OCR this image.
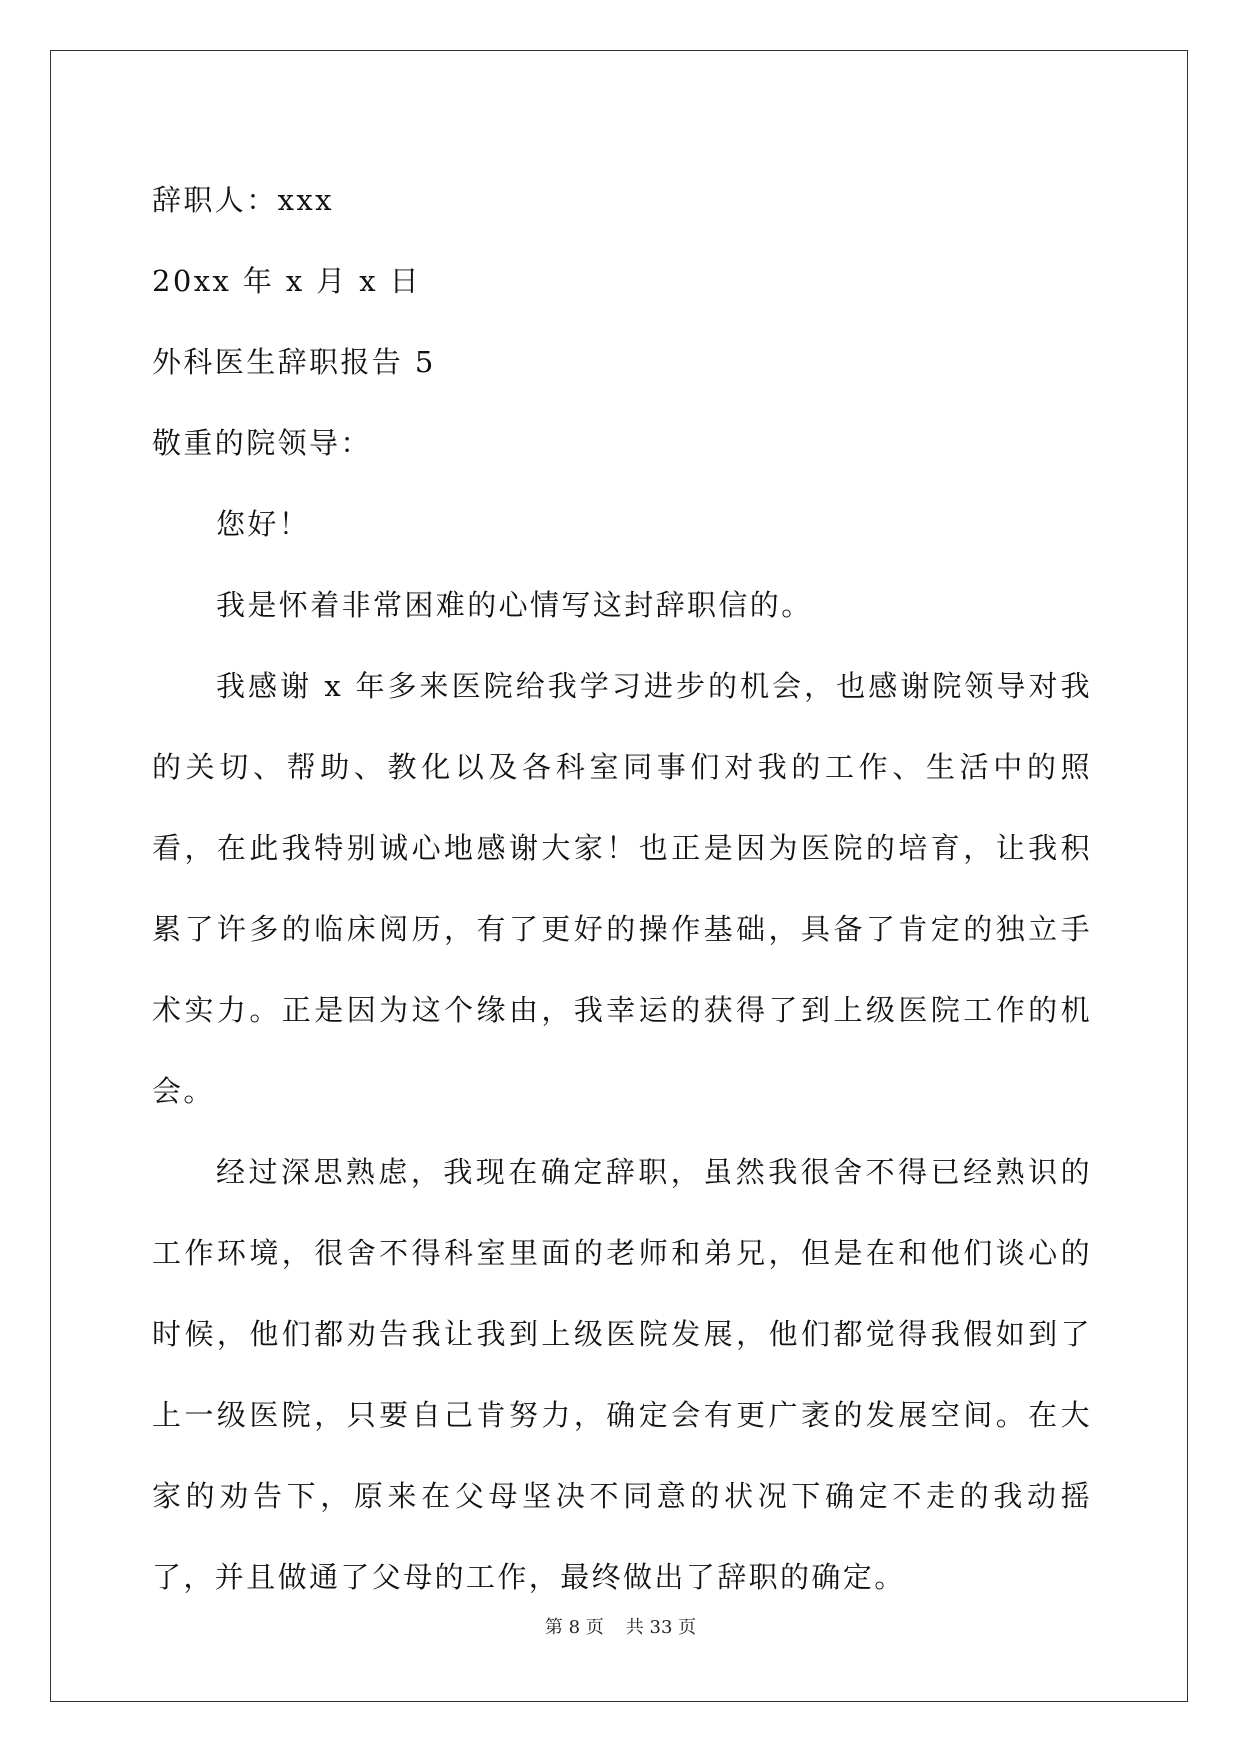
辞职人：xxx
20xx 年 x 月 x 日
外科医生辞职报告 5
敬重的院领导：
您好！
我是怀着非常困难的心情写这封辞职信的。
我感谢 x 年多来医院给我学习进步的机会，也感谢院领导对我的关切、帮助、教化以及各科室同事们对我的工作、生活中的照看，在此我特别诚心地感谢大家！也正是因为医院的培育，让我积累了许多的临床阅历，有了更好的操作基础，具备了肯定的独立手术实力。正是因为这个缘由，我幸运的获得了到上级医院工作的机会。
经过深思熟虑，我现在确定辞职，虽然我很舍不得已经熟识的工作环境，很舍不得科室里面的老师和弟兄，但是在和他们谈心的时候，他们都劝告我让我到上级医院发展，他们都觉得我假如到了上一级医院，只要自己肯努力，确定会有更广袤的发展空间。在大家的劝告下，原来在父母坚决不同意的状况下确定不走的我动摇了，并且做通了父母的工作，最终做出了辞职的确定。
第 8 页 共 33 页
